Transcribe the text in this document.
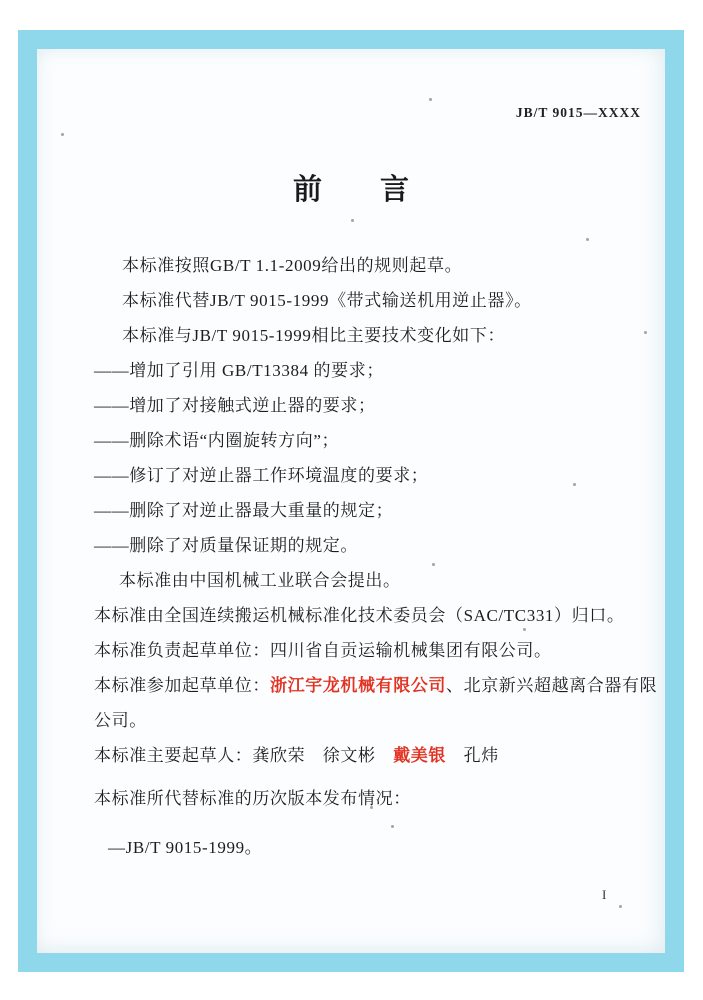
JB/T 9015—XXXX
前　　言

本标准按照GB/T 1.1-2009给出的规则起草。

本标准代替JB/T 9015-1999《带式输送机用逆止器》。

本标准与JB/T 9015-1999相比主要技术变化如下：

——增加了引用 GB/T13384 的要求；

——增加了对接触式逆止器的要求；

——删除术语“内圈旋转方向”；

——修订了对逆止器工作环境温度的要求；

——删除了对逆止器最大重量的规定；

——删除了对质量保证期的规定。

本标准由中国机械工业联合会提出。

本标准由全国连续搬运机械标准化技术委员会（SAC/TC331）归口。

本标准负责起草单位：四川省自贡运输机械集团有限公司。

本标准参加起草单位：浙江宇龙机械有限公司、北京新兴超越离合器有限

公司。

本标准主要起草人：龚欣荣　徐文彬　戴美银　孔炜

本标准所代替标准的历次版本发布情况：

—JB/T 9015-1999。

I
